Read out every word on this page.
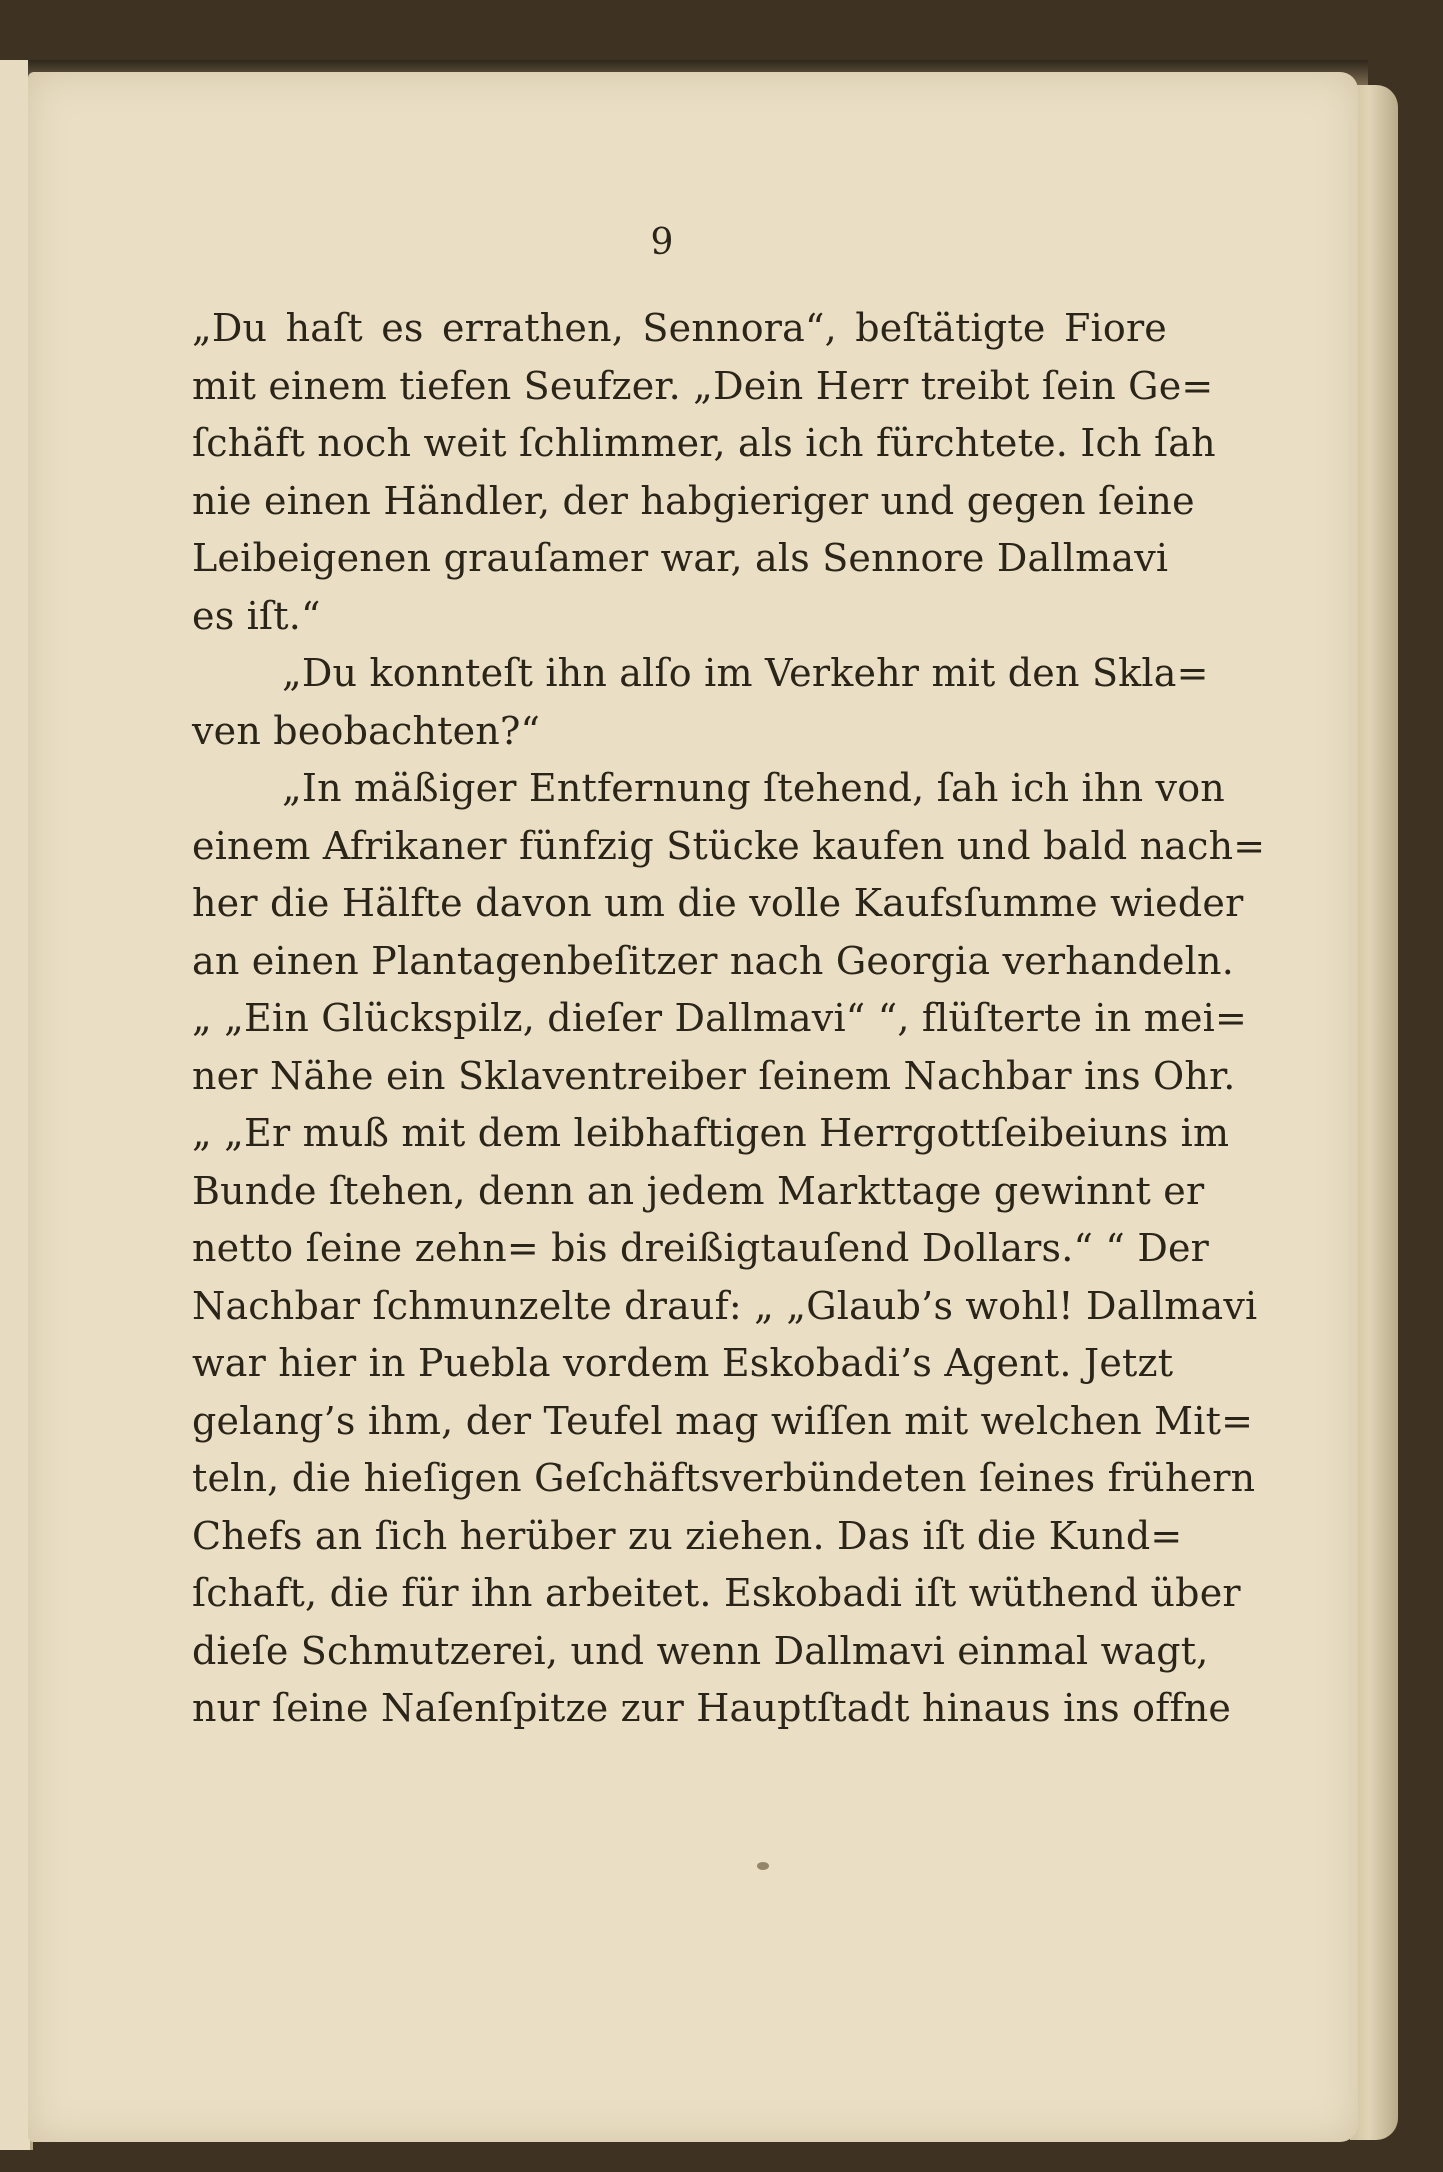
9
„Du haſt es errathen, Sennora“, beſtätigte Fiore
mit einem tiefen Seufzer. „Dein Herr treibt ſein Ge=
ſchäft noch weit ſchlimmer, als ich fürchtete. Ich ſah
nie einen Händler, der habgieriger und gegen ſeine
Leibeigenen grauſamer war, als Sennore Dallmavi
es iſt.“
„Du konnteſt ihn alſo im Verkehr mit den Skla=
ven beobachten?“
„In mäßiger Entfernung ſtehend, ſah ich ihn von
einem Afrikaner fünfzig Stücke kaufen und bald nach=
her die Hälfte davon um die volle Kaufsſumme wieder
an einen Plantagenbeſitzer nach Georgia verhandeln.
„ „Ein Glückspilz, dieſer Dallmavi“ “, flüſterte in mei=
ner Nähe ein Sklaventreiber ſeinem Nachbar ins Ohr.
„ „Er muß mit dem leibhaftigen Herrgottſeibeiuns im
Bunde ſtehen, denn an jedem Markttage gewinnt er
netto ſeine zehn= bis dreißigtauſend Dollars.“ “ Der
Nachbar ſchmunzelte drauf: „ „Glaub’s wohl! Dallmavi
war hier in Puebla vordem Eskobadi’s Agent. Jetzt
gelang’s ihm, der Teufel mag wiſſen mit welchen Mit=
teln, die hieſigen Geſchäftsverbündeten ſeines frühern
Chefs an ſich herüber zu ziehen. Das iſt die Kund=
ſchaft, die für ihn arbeitet. Eskobadi iſt wüthend über
dieſe Schmutzerei, und wenn Dallmavi einmal wagt,
nur ſeine Naſenſpitze zur Hauptſtadt hinaus ins offne
